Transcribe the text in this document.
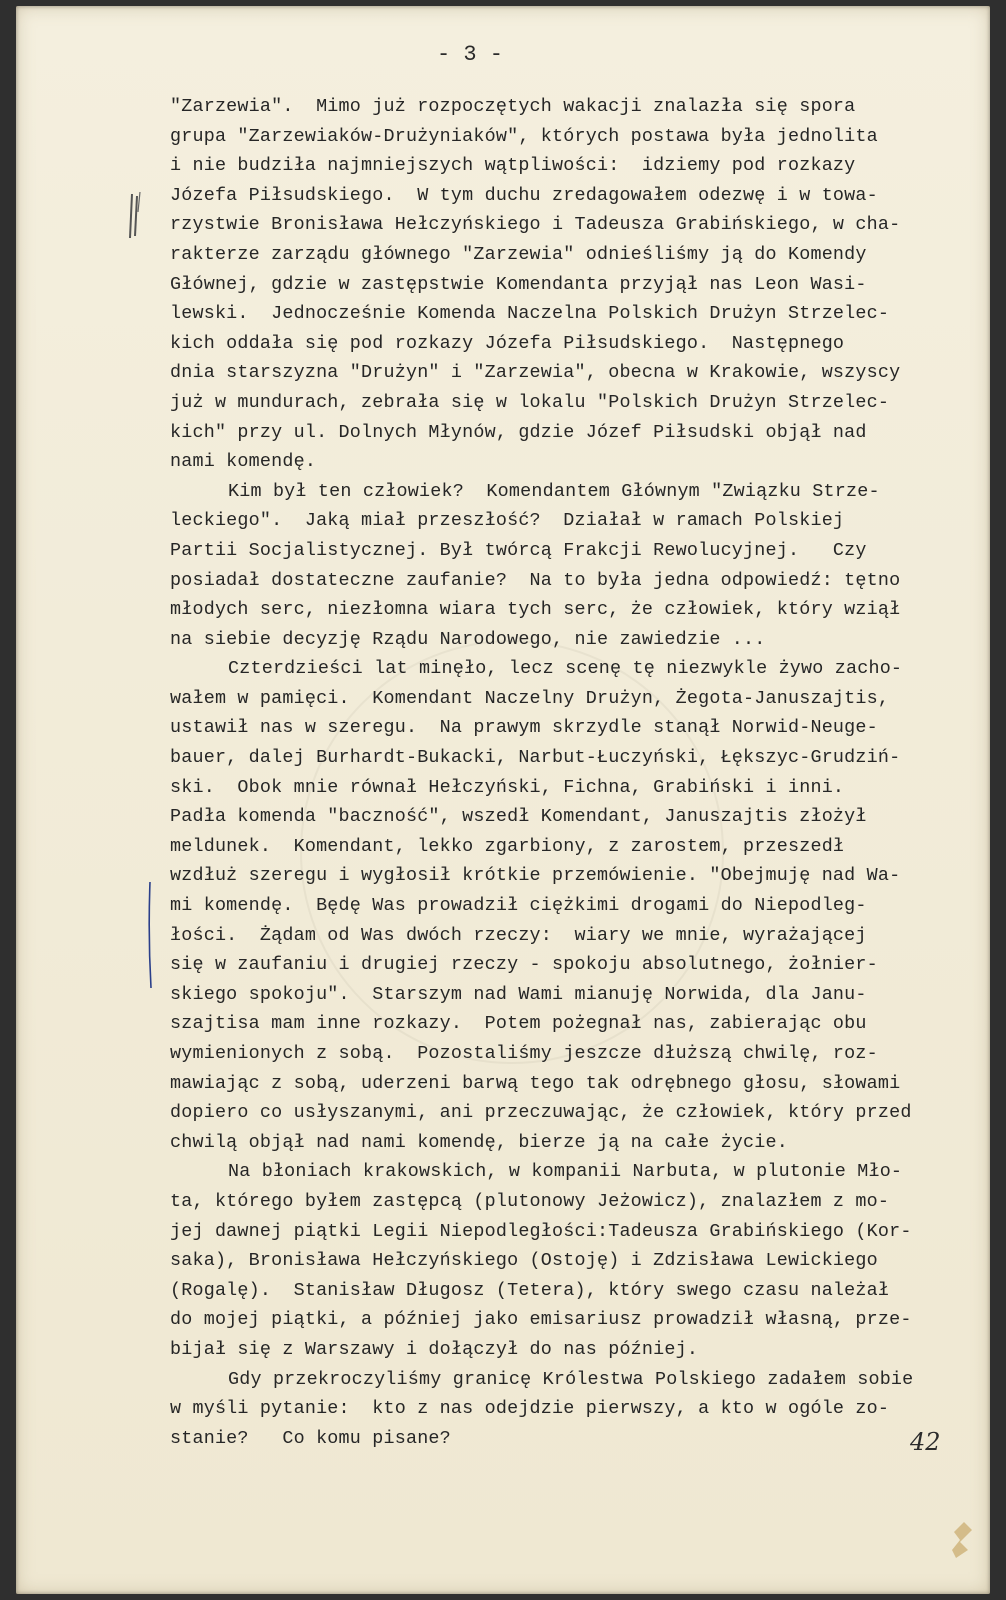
- 3 -
"Zarzewia".  Mimo już rozpoczętych wakacji znalazła się spora
grupa "Zarzewiaków-Drużyniaków", których postawa była jednolita
i nie budziła najmniejszych wątpliwości:  idziemy pod rozkazy
Józefa Piłsudskiego.  W tym duchu zredagowałem odezwę i w towa-
rzystwie Bronisława Hełczyńskiego i Tadeusza Grabińskiego, w cha-
rakterze zarządu głównego "Zarzewia" odnieśliśmy ją do Komendy
Głównej, gdzie w zastępstwie Komendanta przyjął nas Leon Wasi-
lewski.  Jednocześnie Komenda Naczelna Polskich Drużyn Strzelec-
kich oddała się pod rozkazy Józefa Piłsudskiego.  Następnego
dnia starszyzna "Drużyn" i "Zarzewia", obecna w Krakowie, wszyscy
już w mundurach, zebrała się w lokalu "Polskich Drużyn Strzelec-
kich" przy ul. Dolnych Młynów, gdzie Józef Piłsudski objął nad
nami komendę.
Kim był ten człowiek?  Komendantem Głównym "Związku Strze-
leckiego".  Jaką miał przeszłość?  Działał w ramach Polskiej
Partii Socjalistycznej. Był twórcą Frakcji Rewolucyjnej.   Czy
posiadał dostateczne zaufanie?  Na to była jedna odpowiedź: tętno
młodych serc, niezłomna wiara tych serc, że człowiek, który wziął
na siebie decyzję Rządu Narodowego, nie zawiedzie ...
Czterdzieści lat minęło, lecz scenę tę niezwykle żywo zacho-
wałem w pamięci.  Komendant Naczelny Drużyn, Żegota-Januszajtis,
ustawił nas w szeregu.  Na prawym skrzydle stanął Norwid-Neuge-
bauer, dalej Burhardt-Bukacki, Narbut-Łuczyński, Łększyc-Grudziń-
ski.  Obok mnie równał Hełczyński, Fichna, Grabiński i inni.
Padła komenda "baczność", wszedł Komendant, Januszajtis złożył
meldunek.  Komendant, lekko zgarbiony, z zarostem, przeszedł
wzdłuż szeregu i wygłosił krótkie przemówienie. "Obejmuję nad Wa-
mi komendę.  Będę Was prowadził ciężkimi drogami do Niepodleg-
łości.  Żądam od Was dwóch rzeczy:  wiary we mnie, wyrażającej
się w zaufaniu i drugiej rzeczy - spokoju absolutnego, żołnier-
skiego spokoju".  Starszym nad Wami mianuję Norwida, dla Janu-
szajtisa mam inne rozkazy.  Potem pożegnał nas, zabierając obu
wymienionych z sobą.  Pozostaliśmy jeszcze dłuższą chwilę, roz-
mawiając z sobą, uderzeni barwą tego tak odrębnego głosu, słowami
dopiero co usłyszanymi, ani przeczuwając, że człowiek, który przed
chwilą objął nad nami komendę, bierze ją na całe życie.
Na błoniach krakowskich, w kompanii Narbuta, w plutonie Mło-
ta, którego byłem zastępcą (plutonowy Jeżowicz), znalazłem z mo-
jej dawnej piątki Legii Niepodległości:Tadeusza Grabińskiego (Kor-
saka), Bronisława Hełczyńskiego (Ostoję) i Zdzisława Lewickiego
(Rogalę).  Stanisław Długosz (Tetera), który swego czasu należał
do mojej piątki, a później jako emisariusz prowadził własną, prze-
bijał się z Warszawy i dołączył do nas później.
Gdy przekroczyliśmy granicę Królestwa Polskiego zadałem sobie
w myśli pytanie:  kto z nas odejdzie pierwszy, a kto w ogóle zo-
stanie?   Co komu pisane?	42
